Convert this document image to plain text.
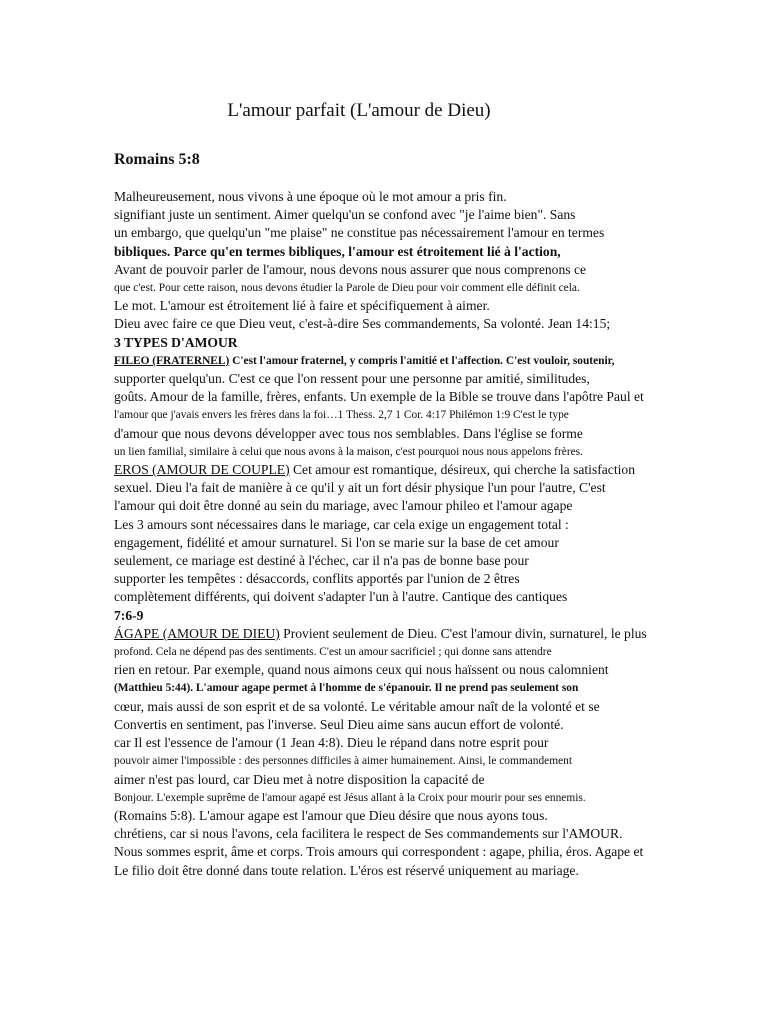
L'amour parfait (L'amour de Dieu)
Romains 5:8
Malheureusement, nous vivons à une époque où le mot amour a pris fin.
signifiant juste un sentiment. Aimer quelqu'un se confond avec "je l'aime bien". Sans
un embargo, que quelqu'un "me plaise" ne constitue pas nécessairement l'amour en termes
bibliques. Parce qu'en termes bibliques, l'amour est étroitement lié à l'action,
Avant de pouvoir parler de l'amour, nous devons nous assurer que nous comprenons ce
que c'est. Pour cette raison, nous devons étudier la Parole de Dieu pour voir comment elle définit cela.
Le mot. L'amour est étroitement lié à faire et spécifiquement à aimer.
Dieu avec faire ce que Dieu veut, c'est-à-dire Ses commandements, Sa volonté. Jean 14:15;
3 TYPES D'AMOUR
FILEO (FRATERNEL) C'est l'amour fraternel, y compris l'amitié et l'affection. C'est vouloir, soutenir,
supporter quelqu'un. C'est ce que l'on ressent pour une personne par amitié, similitudes,
goûts. Amour de la famille, frères, enfants. Un exemple de la Bible se trouve dans l'apôtre Paul et
l'amour que j'avais envers les frères dans la foi…1 Thess. 2,7 1 Cor. 4:17 Philémon 1:9 C'est le type
d'amour que nous devons développer avec tous nos semblables. Dans l'église se forme
un lien familial, similaire à celui que nous avons à la maison, c'est pourquoi nous nous appelons frères.
EROS (AMOUR DE COUPLE) Cet amour est romantique, désireux, qui cherche la satisfaction
sexuel. Dieu l'a fait de manière à ce qu'il y ait un fort désir physique l'un pour l'autre, C'est
l'amour qui doit être donné au sein du mariage, avec l'amour phileo et l'amour agape
Les 3 amours sont nécessaires dans le mariage, car cela exige un engagement total :
engagement, fidélité et amour surnaturel. Si l'on se marie sur la base de cet amour
seulement, ce mariage est destiné à l'échec, car il n'a pas de bonne base pour
supporter les tempêtes : désaccords, conflits apportés par l'union de 2 êtres
complètement différents, qui doivent s'adapter l'un à l'autre. Cantique des cantiques
7:6-9
ÁGAPE (AMOUR DE DIEU) Provient seulement de Dieu. C'est l'amour divin, surnaturel, le plus
profond. Cela ne dépend pas des sentiments. C'est un amour sacrificiel ; qui donne sans attendre
rien en retour. Par exemple, quand nous aimons ceux qui nous haïssent ou nous calomnient
(Matthieu 5:44). L'amour agape permet à l'homme de s'épanouir. Il ne prend pas seulement son
cœur, mais aussi de son esprit et de sa volonté. Le véritable amour naît de la volonté et se
Convertis en sentiment, pas l'inverse. Seul Dieu aime sans aucun effort de volonté.
car Il est l'essence de l'amour (1 Jean 4:8). Dieu le répand dans notre esprit pour
pouvoir aimer l'impossible : des personnes difficiles à aimer humainement. Ainsi, le commandement
aimer n'est pas lourd, car Dieu met à notre disposition la capacité de
Bonjour. L'exemple suprême de l'amour agapé est Jésus allant à la Croix pour mourir pour ses ennemis.
(Romains 5:8). L'amour agape est l'amour que Dieu désire que nous ayons tous.
chrétiens, car si nous l'avons, cela facilitera le respect de Ses commandements sur l'AMOUR.
Nous sommes esprit, âme et corps. Trois amours qui correspondent : agape, philia, éros. Agape et
Le filio doit être donné dans toute relation. L'éros est réservé uniquement au mariage.
